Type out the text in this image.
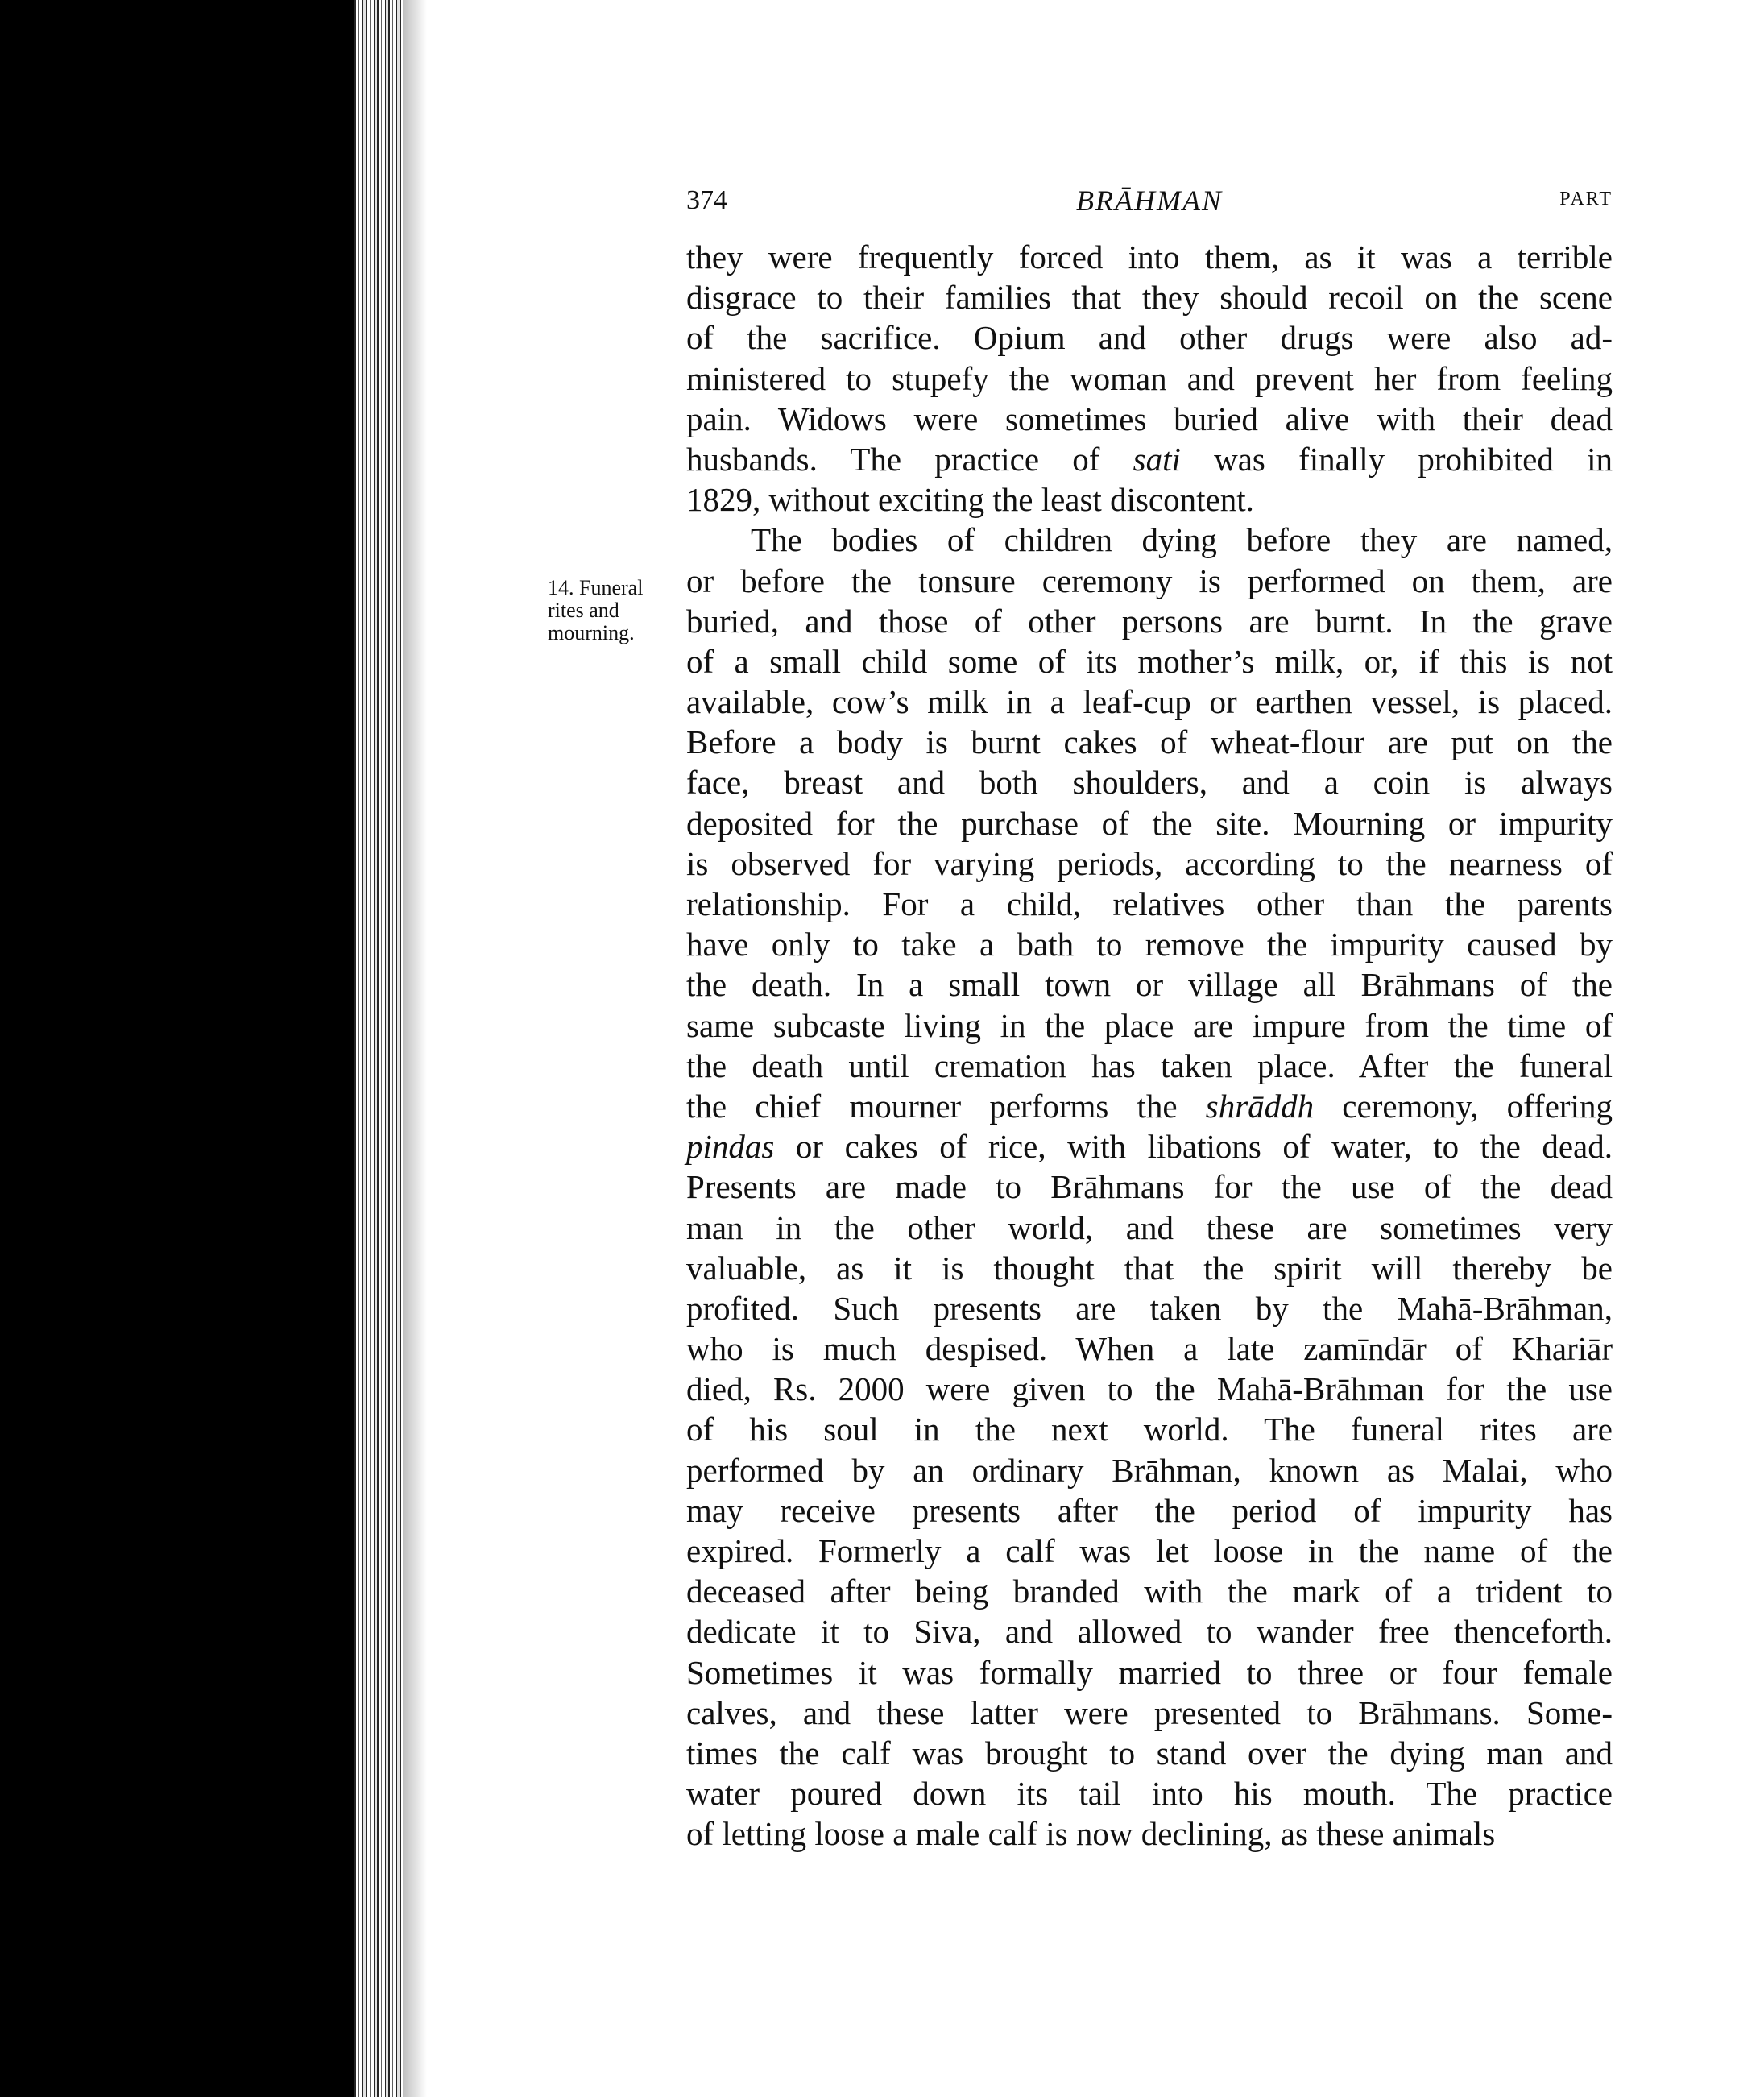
374	BRĀHMAN	PART
14. Funeral
rites and
mourning.
they were frequently forced into them, as it was a terrible
disgrace to their families that they should recoil on the scene
of the sacrifice. Opium and other drugs were also ad-
ministered to stupefy the woman and prevent her from feeling
pain. Widows were sometimes buried alive with their dead
husbands. The practice of sati was finally prohibited in
1829, without exciting the least discontent.
The bodies of children dying before they are named,
or before the tonsure ceremony is performed on them, are
buried, and those of other persons are burnt. In the grave
of a small child some of its mother’s milk, or, if this is not
available, cow’s milk in a leaf-cup or earthen vessel, is placed.
Before a body is burnt cakes of wheat-flour are put on the
face, breast and both shoulders, and a coin is always
deposited for the purchase of the site. Mourning or impurity
is observed for varying periods, according to the nearness of
relationship. For a child, relatives other than the parents
have only to take a bath to remove the impurity caused by
the death. In a small town or village all Brāhmans of the
same subcaste living in the place are impure from the time of
the death until cremation has taken place. After the funeral
the chief mourner performs the shrāddh ceremony, offering
pindas or cakes of rice, with libations of water, to the dead.
Presents are made to Brāhmans for the use of the dead
man in the other world, and these are sometimes very
valuable, as it is thought that the spirit will thereby be
profited. Such presents are taken by the Mahā-Brāhman,
who is much despised. When a late zamīndār of Khariār
died, Rs. 2000 were given to the Mahā-Brāhman for the use
of his soul in the next world. The funeral rites are
performed by an ordinary Brāhman, known as Malai, who
may receive presents after the period of impurity has
expired. Formerly a calf was let loose in the name of the
deceased after being branded with the mark of a trident to
dedicate it to Siva, and allowed to wander free thenceforth.
Sometimes it was formally married to three or four female
calves, and these latter were presented to Brāhmans. Some-
times the calf was brought to stand over the dying man and
water poured down its tail into his mouth. The practice
of letting loose a male calf is now declining, as these animals
